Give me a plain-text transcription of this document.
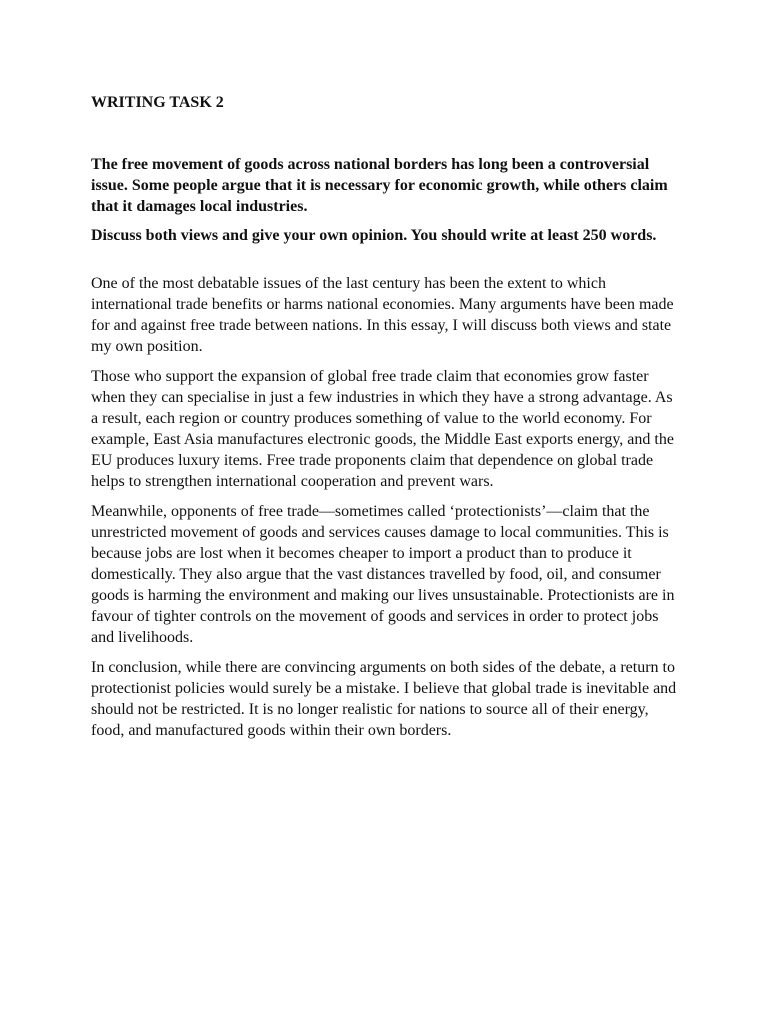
WRITING TASK 2

The free movement of goods across national borders has long been a controversial issue. Some people argue that it is necessary for economic growth, while others claim that it damages local industries.

Discuss both views and give your own opinion. You should write at least 250 words.

One of the most debatable issues of the last century has been the extent to which international trade benefits or harms national economies. Many arguments have been made for and against free trade between nations. In this essay, I will discuss both views and state my own position.

Those who support the expansion of global free trade claim that economies grow faster when they can specialise in just a few industries in which they have a strong advantage. As a result, each region or country produces something of value to the world economy. For example, East Asia manufactures electronic goods, the Middle East exports energy, and the EU produces luxury items. Free trade proponents claim that dependence on global trade helps to strengthen international cooperation and prevent wars.

Meanwhile, opponents of free trade—sometimes called ‘protectionists’—claim that the unrestricted movement of goods and services causes damage to local communities. This is because jobs are lost when it becomes cheaper to import a product than to produce it domestically. They also argue that the vast distances travelled by food, oil, and consumer goods is harming the environment and making our lives unsustainable. Protectionists are in favour of tighter controls on the movement of goods and services in order to protect jobs and livelihoods.

In conclusion, while there are convincing arguments on both sides of the debate, a return to protectionist policies would surely be a mistake. I believe that global trade is inevitable and should not be restricted. It is no longer realistic for nations to source all of their energy, food, and manufactured goods within their own borders.
